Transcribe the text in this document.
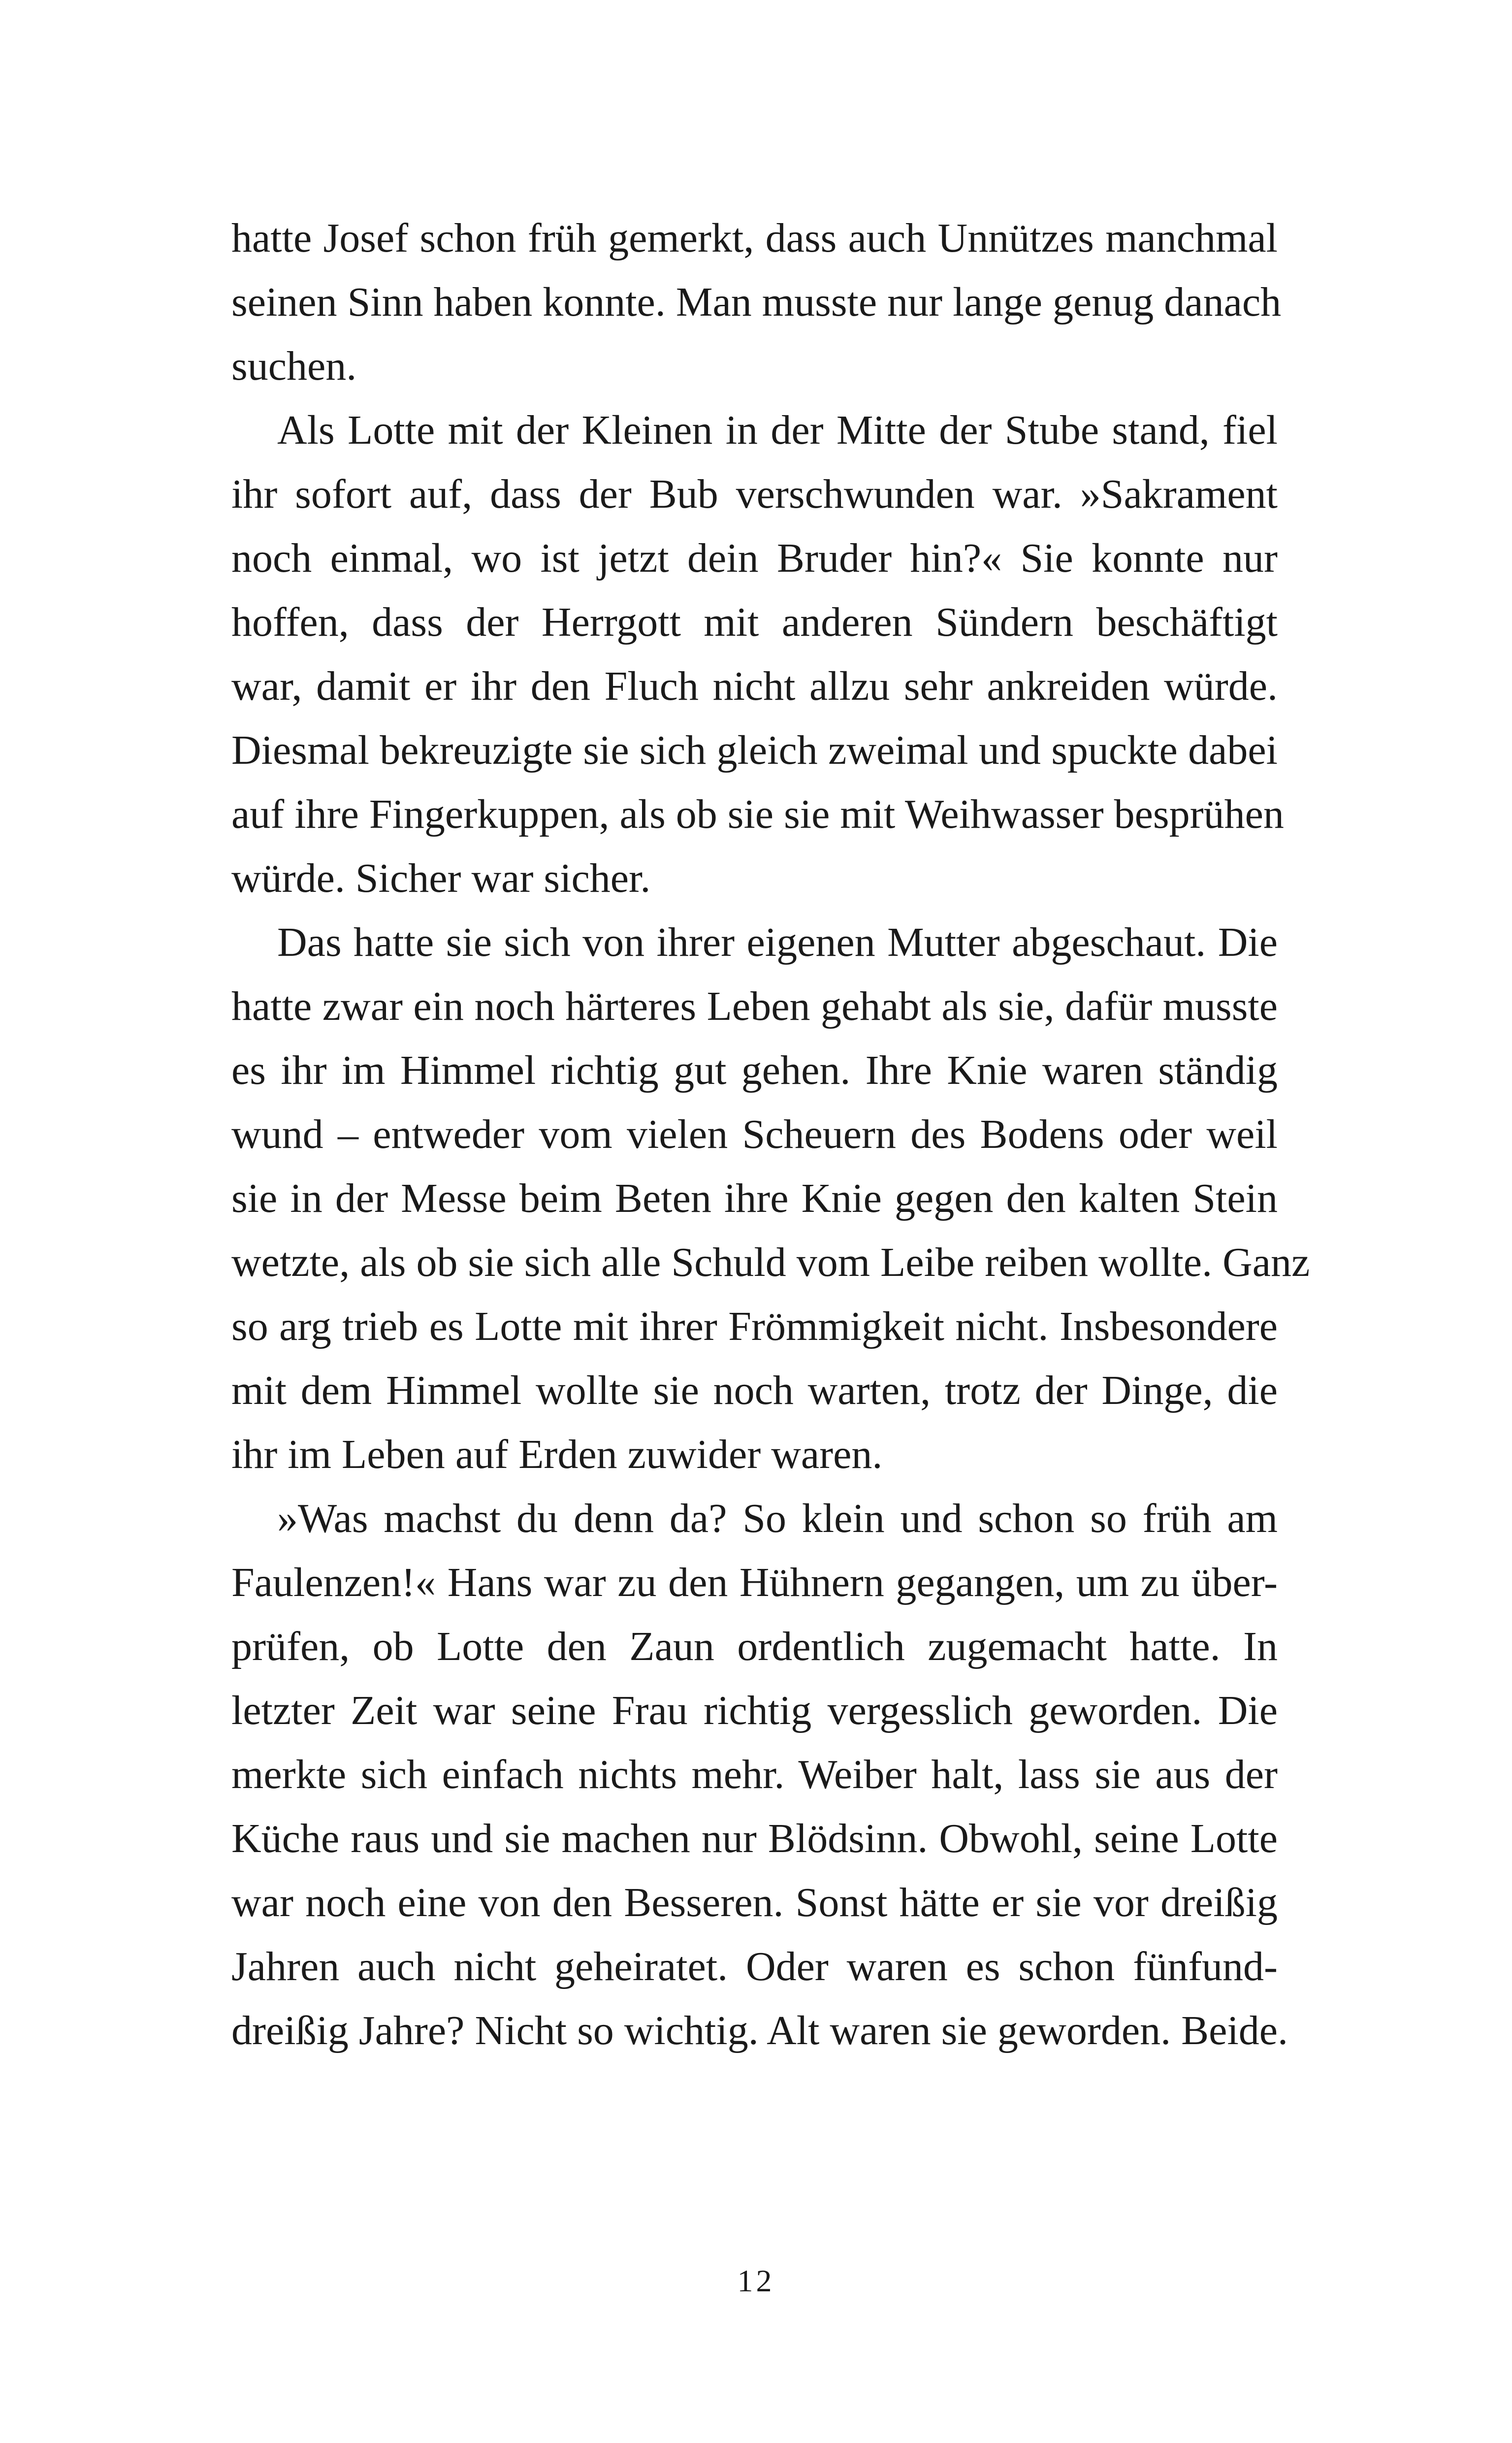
hatte Josef schon früh gemerkt, dass auch Unnützes manchmal
seinen Sinn haben konnte. Man musste nur lange genug danach
suchen.
Als Lotte mit der Kleinen in der Mitte der Stube stand, fiel
ihr sofort auf, dass der Bub verschwunden war. »Sakrament
noch einmal, wo ist jetzt dein Bruder hin?« Sie konnte nur
hoffen, dass der Herrgott mit anderen Sündern beschäftigt
war, damit er ihr den Fluch nicht allzu sehr ankreiden würde.
Diesmal bekreuzigte sie sich gleich zweimal und spuckte dabei
auf ihre Fingerkuppen, als ob sie sie mit Weihwasser besprühen
würde. Sicher war sicher.
Das hatte sie sich von ihrer eigenen Mutter abgeschaut. Die
hatte zwar ein noch härteres Leben gehabt als sie, dafür musste
es ihr im Himmel richtig gut gehen. Ihre Knie waren ständig
wund – entweder vom vielen Scheuern des Bodens oder weil
sie in der Messe beim Beten ihre Knie gegen den kalten Stein
wetzte, als ob sie sich alle Schuld vom Leibe reiben wollte. Ganz
so arg trieb es Lotte mit ihrer Frömmigkeit nicht. Insbesondere
mit dem Himmel wollte sie noch warten, trotz der Dinge, die
ihr im Leben auf Erden zuwider waren.
»Was machst du denn da? So klein und schon so früh am
Faulenzen!« Hans war zu den Hühnern gegangen, um zu über-
prüfen, ob Lotte den Zaun ordentlich zugemacht hatte. In
letzter Zeit war seine Frau richtig vergesslich geworden. Die
merkte sich einfach nichts mehr. Weiber halt, lass sie aus der
Küche raus und sie machen nur Blödsinn. Obwohl, seine Lotte
war noch eine von den Besseren. Sonst hätte er sie vor dreißig
Jahren auch nicht geheiratet. Oder waren es schon fünfund-
dreißig Jahre? Nicht so wichtig. Alt waren sie geworden. Beide.
12
